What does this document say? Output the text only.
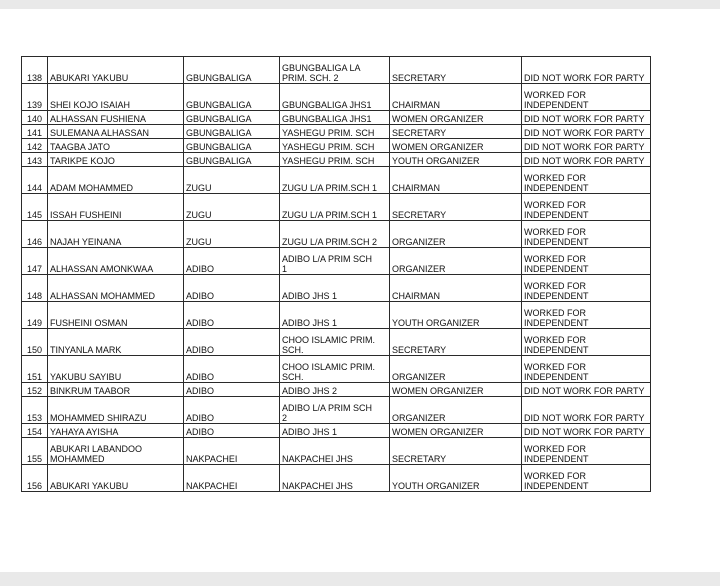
138	ABUKARI YAKUBU	GBUNGBALIGA	GBUNGBALIGA LA
PRIM. SCH. 2	SECRETARY	DID NOT WORK FOR PARTY

139	SHEI KOJO ISAIAH	GBUNGBALIGA	GBUNGBALIGA JHS1	CHAIRMAN	WORKED FOR
INDEPENDENT

140	ALHASSAN FUSHIENA	GBUNGBALIGA	GBUNGBALIGA JHS1	WOMEN ORGANIZER	DID NOT WORK FOR PARTY

141	SULEMANA ALHASSAN	GBUNGBALIGA	YASHEGU PRIM. SCH	SECRETARY	DID NOT WORK FOR PARTY

142	TAAGBA JATO	GBUNGBALIGA	YASHEGU PRIM. SCH	WOMEN ORGANIZER	DID NOT WORK FOR PARTY

143	TARIKPE KOJO	GBUNGBALIGA	YASHEGU PRIM. SCH	YOUTH ORGANIZER	DID NOT WORK FOR PARTY

144	ADAM MOHAMMED	ZUGU	ZUGU L/A PRIM.SCH 1	CHAIRMAN	WORKED FOR
INDEPENDENT

145	ISSAH FUSHEINI	ZUGU	ZUGU L/A PRIM.SCH 1	SECRETARY	WORKED FOR
INDEPENDENT

146	NAJAH YEINANA	ZUGU	ZUGU L/A PRIM.SCH 2	ORGANIZER	WORKED FOR
INDEPENDENT

147	ALHASSAN AMONKWAA	ADIBO	ADIBO L/A PRIM SCH
1	ORGANIZER	WORKED FOR
INDEPENDENT

148	ALHASSAN MOHAMMED	ADIBO	ADIBO JHS 1	CHAIRMAN	WORKED FOR
INDEPENDENT

149	FUSHEINI OSMAN	ADIBO	ADIBO JHS 1	YOUTH ORGANIZER	WORKED FOR
INDEPENDENT

150	TINYANLA MARK	ADIBO	CHOO ISLAMIC PRIM.
SCH.	SECRETARY	WORKED FOR
INDEPENDENT

151	YAKUBU SAYIBU	ADIBO	CHOO ISLAMIC PRIM.
SCH.	ORGANIZER	WORKED FOR
INDEPENDENT

152	BINKRUM TAABOR	ADIBO	ADIBO JHS 2	WOMEN ORGANIZER	DID NOT WORK FOR PARTY

153	MOHAMMED SHIRAZU	ADIBO	ADIBO L/A PRIM SCH
2	ORGANIZER	DID NOT WORK FOR PARTY

154	YAHAYA AYISHA	ADIBO	ADIBO JHS 1	WOMEN ORGANIZER	DID NOT WORK FOR PARTY

155	ABUKARI LABANDOO
MOHAMMED	NAKPACHEI	NAKPACHEI JHS	SECRETARY	WORKED FOR
INDEPENDENT

156	ABUKARI YAKUBU	NAKPACHEI	NAKPACHEI JHS	YOUTH ORGANIZER	WORKED FOR
INDEPENDENT
